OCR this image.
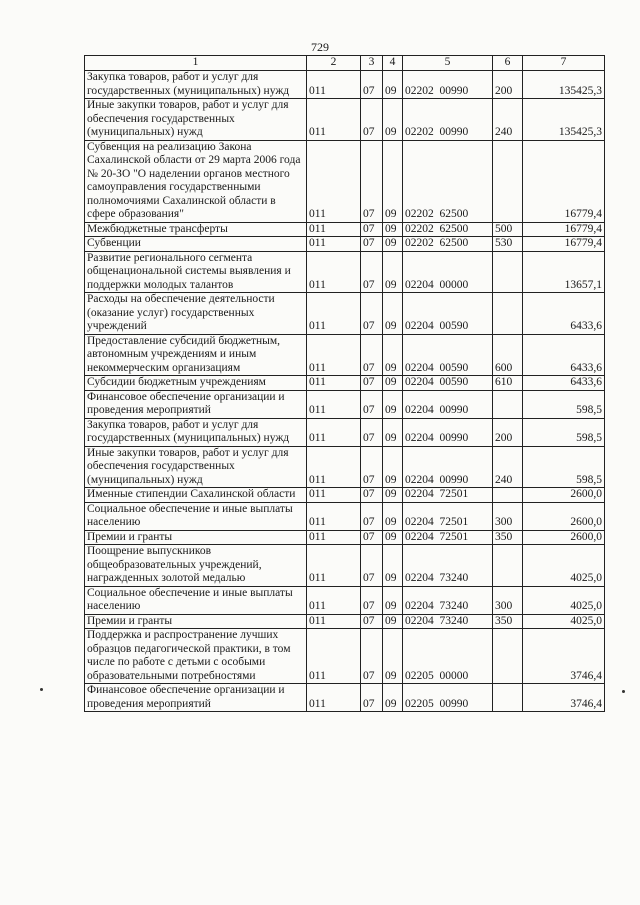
729
1	2	3	4	5	6	7
Закупка товаров, работ и услуг для государственных (муниципальных) нужд	011	07	09	02202  00990	200	135425,3
Иные закупки товаров, работ и услуг для обеспечения государственных (муниципальных) нужд	011	07	09	02202  00990	240	135425,3
Субвенция на реализацию Закона Сахалинской области от 29 марта 2006 года № 20-ЗО "О наделении органов местного самоуправления государственными полномочиями Сахалинской области в сфере образования"	011	07	09	02202  62500		16779,4
Межбюджетные трансферты	011	07	09	02202  62500	500	16779,4
Субвенции	011	07	09	02202  62500	530	16779,4
Развитие регионального сегмента общенациональной системы выявления и поддержки молодых талантов	011	07	09	02204  00000		13657,1
Расходы на обеспечение деятельности (оказание услуг) государственных учреждений	011	07	09	02204  00590		6433,6
Предоставление субсидий бюджетным, автономным учреждениям и иным некоммерческим организациям	011	07	09	02204  00590	600	6433,6
Субсидии бюджетным учреждениям	011	07	09	02204  00590	610	6433,6
Финансовое обеспечение организации и проведения мероприятий	011	07	09	02204  00990		598,5
Закупка товаров, работ и услуг для государственных (муниципальных) нужд	011	07	09	02204  00990	200	598,5
Иные закупки товаров, работ и услуг для обеспечения государственных (муниципальных) нужд	011	07	09	02204  00990	240	598,5
Именные стипендии Сахалинской области	011	07	09	02204  72501		2600,0
Социальное обеспечение и иные выплаты населению	011	07	09	02204  72501	300	2600,0
Премии и гранты	011	07	09	02204  72501	350	2600,0
Поощрение выпускников общеобразовательных учреждений, награжденных золотой медалью	011	07	09	02204  73240		4025,0
Социальное обеспечение и иные выплаты населению	011	07	09	02204  73240	300	4025,0
Премии и гранты	011	07	09	02204  73240	350	4025,0
Поддержка и распространение лучших образцов педагогической практики, в том числе по работе с детьми с особыми образовательными потребностями	011	07	09	02205  00000		3746,4
Финансовое обеспечение организации и проведения мероприятий	011	07	09	02205  00990		3746,4
